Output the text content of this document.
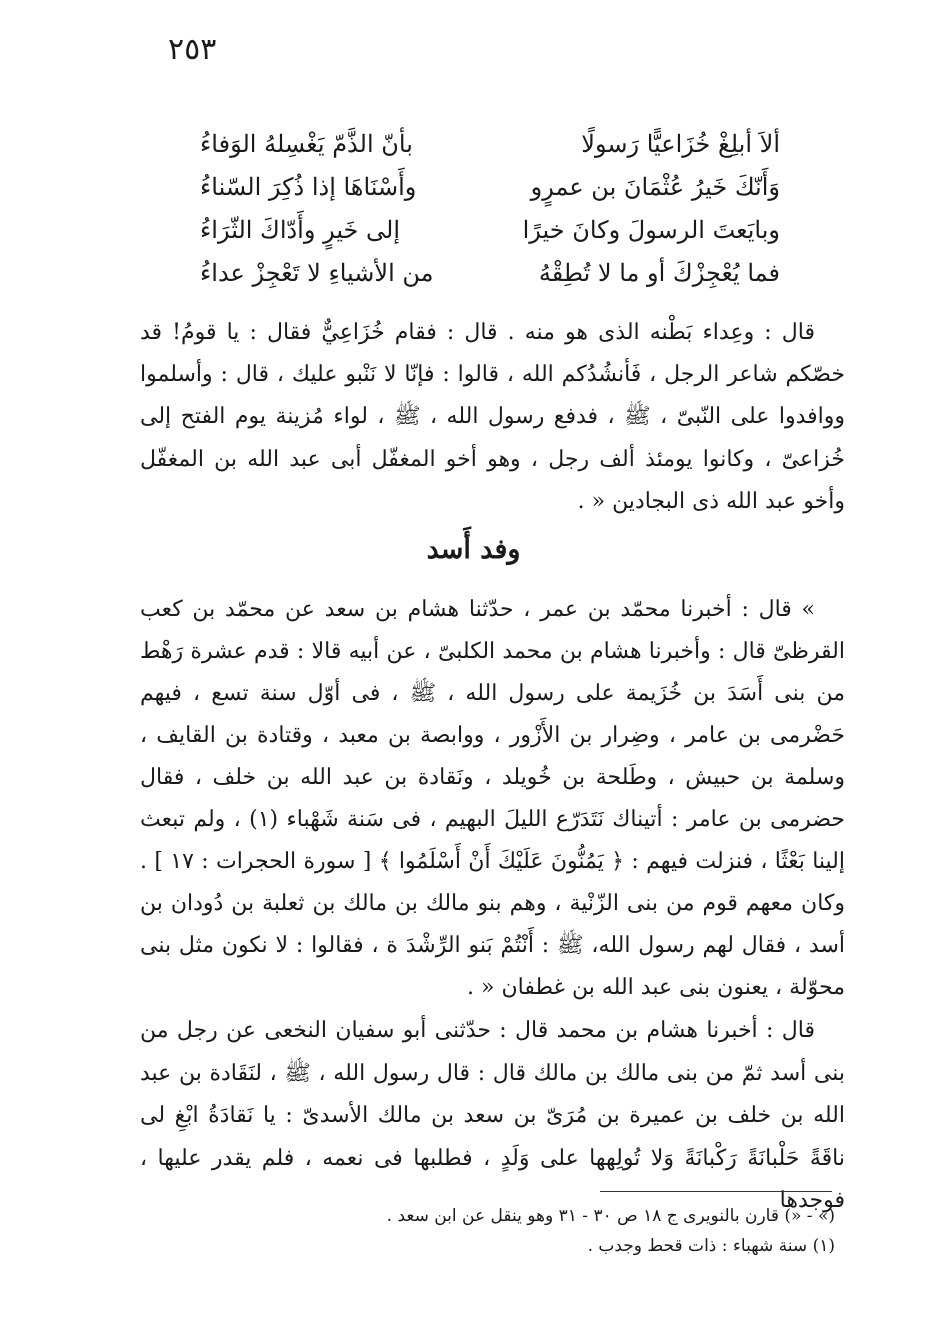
٢٥٣
ألاَ أبلِغْ خُزَاعيًّا رَسولًا
بأنّ الذَّمّ يَغْسِلهُ الوَفاءُ
وَأَنّكَ خَيرُ عُثْمَانَ بن عمرٍو
وأَسْنَاهَا إذا ذُكِرَ السّناءُ
وبايَعتَ الرسولَ وكانَ خيرًا
إلى خَيرٍ وأَدّاكَ الثّرَاءُ
فما يُعْجِزْكَ أو ما لا تُطِقْهُ
من الأشياءِ لا تَعْجِزْ عداءُ
قال : وعِداء بَطْنه الذى هو منه . قال : فقام خُزَاعِيٌّ فقال : يا قومُ! قد خصّكم شاعر الرجل ، فَأنشُدُكم الله ، قالوا : فإنّا لا نَنْبو عليك ، قال : وأسلموا ووافدوا على النّبىّ ، ﷺ ، فدفع رسول الله ، ﷺ ، لواء مُزينة يوم الفتح إلى خُزاعىّ ، وكانوا يومئذ ألف رجل ، وهو أخو المغفّل أبى عبد الله بن المغفّل وأخو عبد الله ذى البجادين « .
وفد أَسد
» قال : أخبرنا محمّد بن عمر ، حدّثنا هشام بن سعد عن محمّد بن كعب القرظىّ قال : وأخبرنا هشام بن محمد الكلبىّ ، عن أبيه قالا : قدم عشرة رَهْط من بنى أَسَدَ بن خُزَيمة على رسول الله ، ﷺ ، فى أوّل سنة تسع ، فيهم حَضْرمى بن عامر ، وضِرار بن الأَزْور ، ووابصة بن معبد ، وقتادة بن القايف ، وسلمة بن حبيش ، وطَلحة بن خُويلد ، ونَقادة بن عبد الله بن خلف ، فقال حضرمى بن عامر : أتيناك نَتَدَرّع الليلَ البهيم ، فى سَنة شَهْباء (١) ، ولم تبعث إلينا بَعْثًا ، فنزلت فيهم : ﴿ يَمُنُّونَ عَلَيْكَ أَنْ أَسْلَمُوا ﴾ [ سورة الحجرات : ١٧ ] . وكان معهم قوم من بنى الزّنْية ، وهم بنو مالك بن مالك بن ثعلبة بن دُودان بن أسد ، فقال لهم رسول الله، ﷺ : أَنْتُمْ بَنو الرِّشْدَ ة ، فقالوا : لا نكون مثل بنى محوّلة ، يعنون بنى عبد الله بن غطفان « .
قال : أخبرنا هشام بن محمد قال : حدّثنى أبو سفيان النخعى عن رجل من بنى أسد ثمّ من بنى مالك بن مالك قال : قال رسول الله ، ﷺ ، لنَقَادة بن عبد الله بن خلف بن عميرة بن مُرَىّ بن سعد بن مالك الأسدىّ : يا نَقادَةُ ابْغِ لى ناقَةً حَلْبانَةً رَكْبانَةً وَلا تُولِهها على وَلَدٍ ، فطلبها فى نعمه ، فلم يقدر عليها ، فوجدها
(» - «) قارن بالنويرى ج ١٨ ص ٣٠ - ٣١ وهو ينقل عن ابن سعد .
(١) سنة شهباء : ذات قحط وجدب .
